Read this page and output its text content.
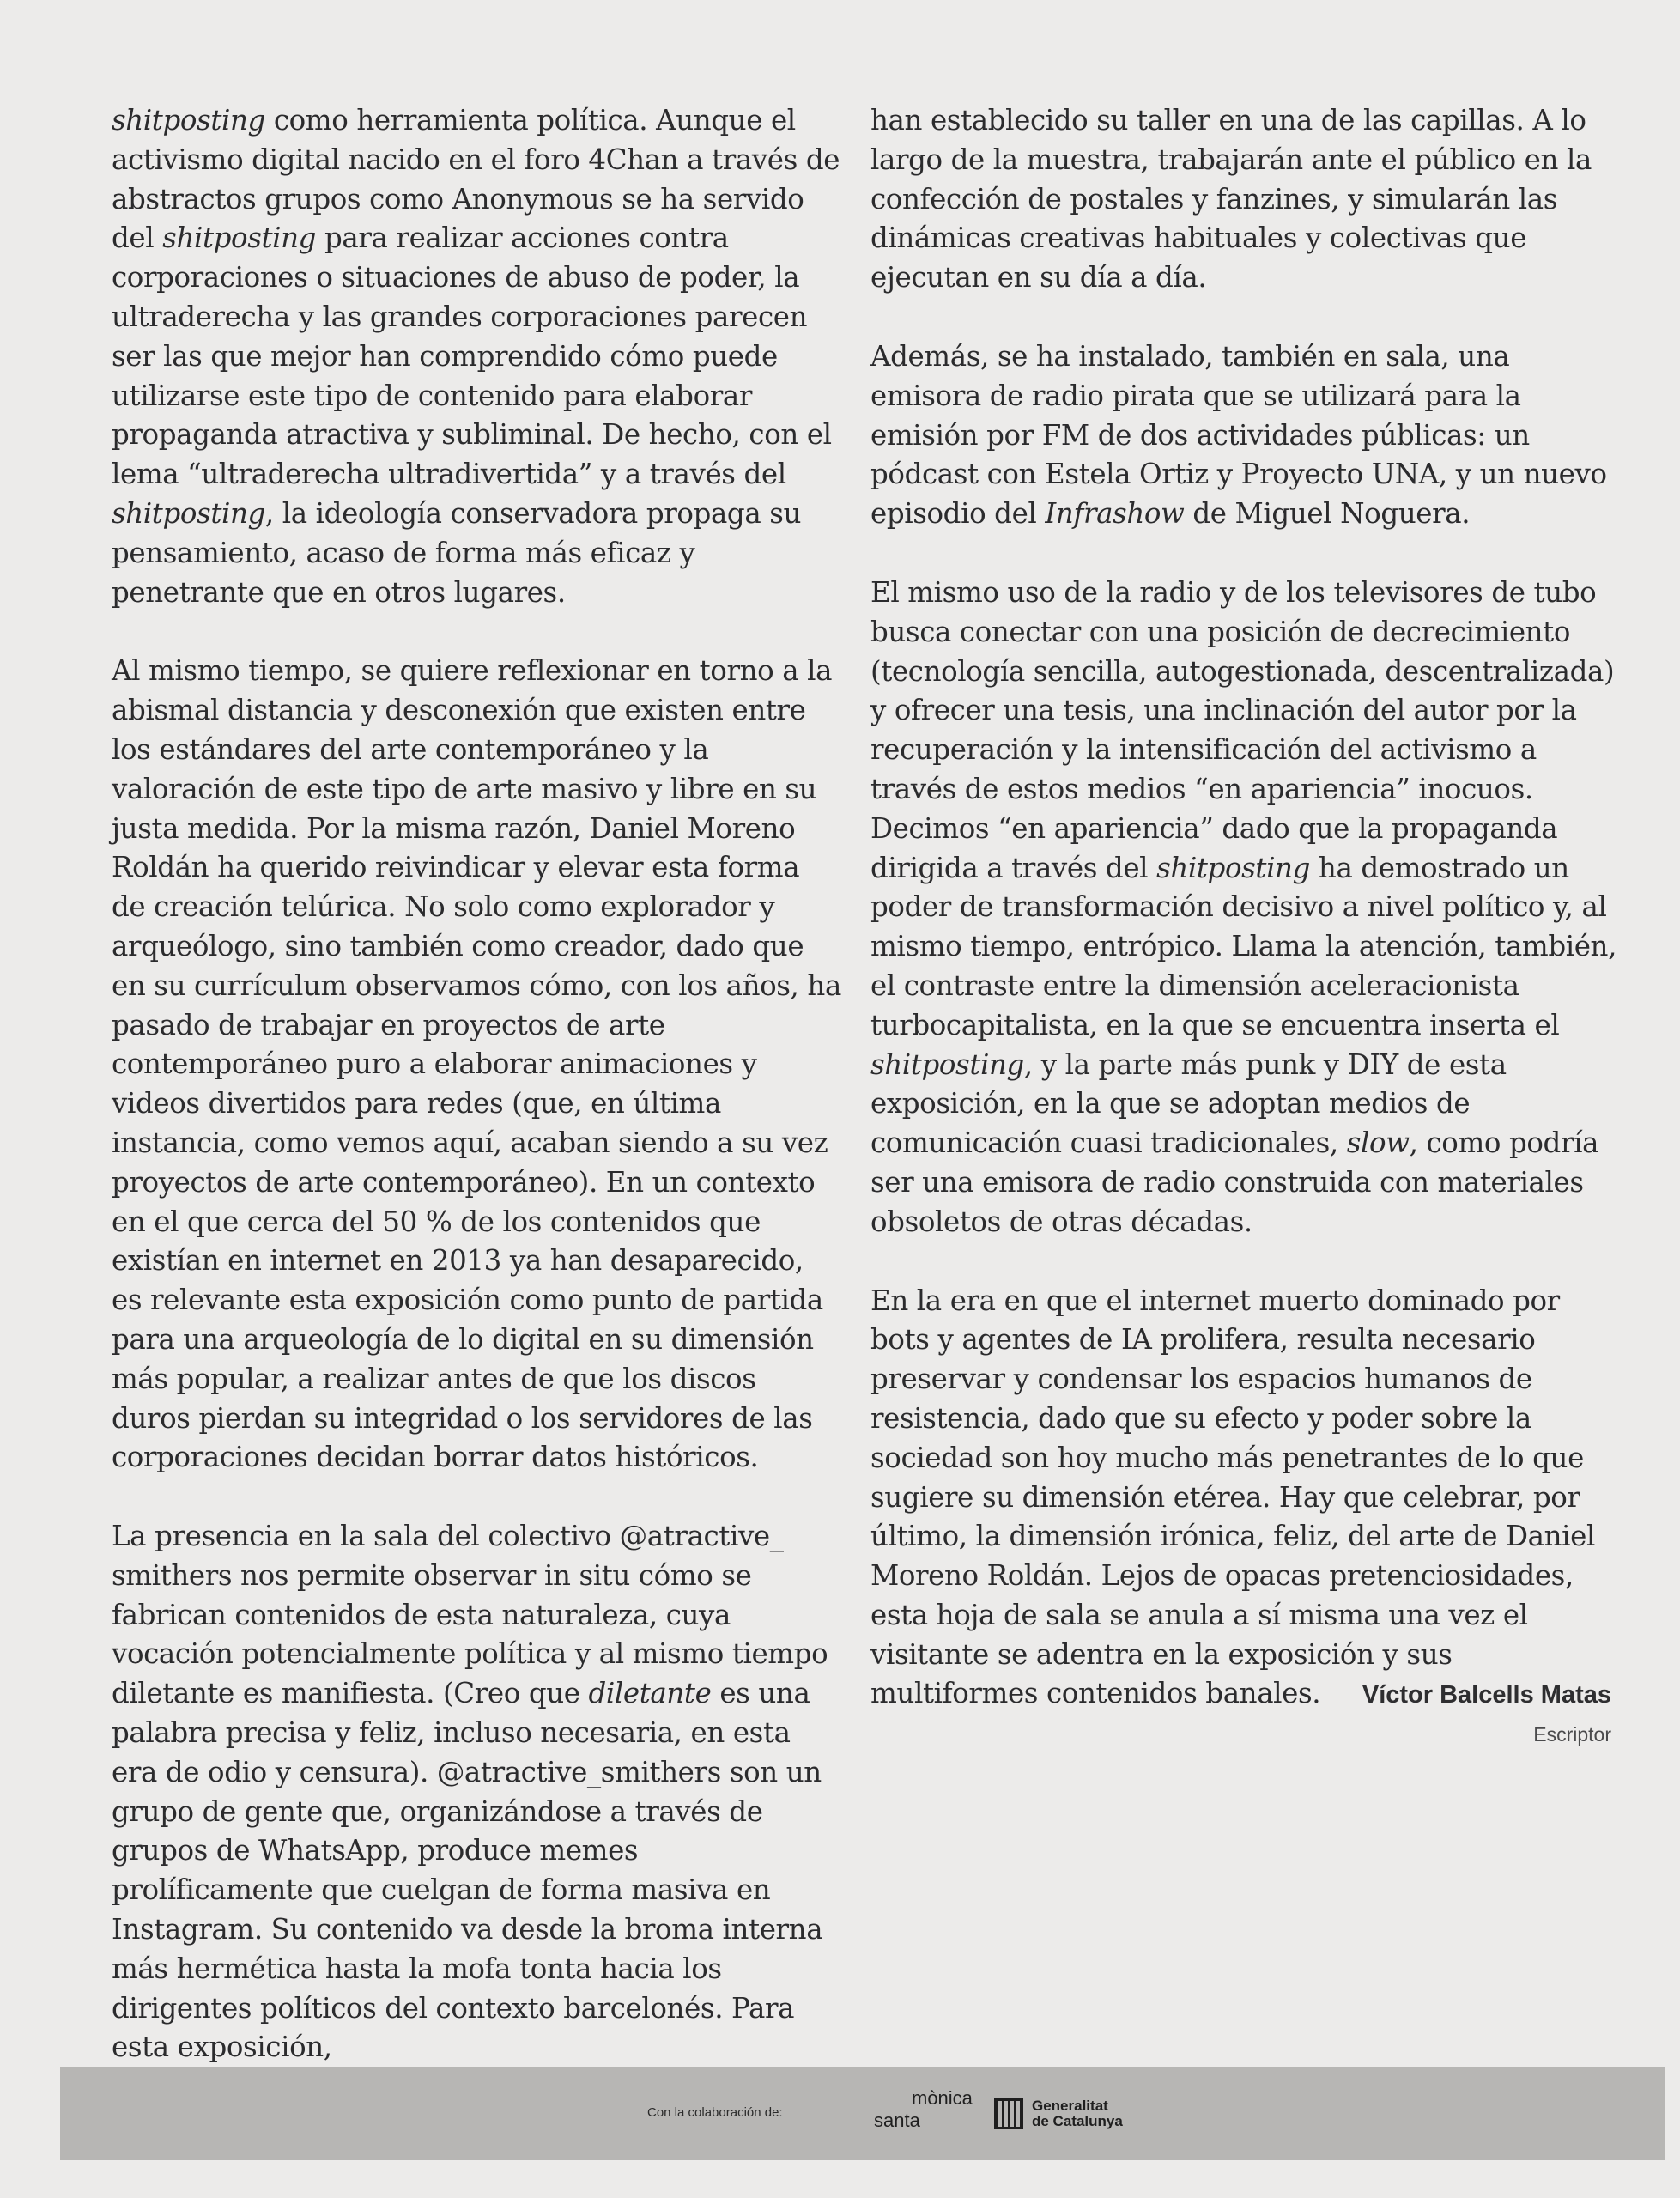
shitposting como herramienta política. Aunque el activismo digital nacido en el foro 4Chan a través de abstractos grupos como Anonymous se ha servido del shitposting para realizar acciones contra corporaciones o situaciones de abuso de poder, la ultraderecha y las grandes corporaciones parecen ser las que mejor han comprendido cómo puede utilizarse este tipo de contenido para elaborar propaganda atractiva y subliminal. De hecho, con el lema “ultraderecha ultradivertida” y a través del shitposting, la ideología conservadora propaga su pensamiento, acaso de forma más eficaz y penetrante que en otros lugares.

Al mismo tiempo, se quiere reflexionar en torno a la abismal distancia y desconexión que existen entre los estándares del arte contemporáneo y la valoración de este tipo de arte masivo y libre en su justa medida. Por la misma razón, Daniel Moreno Roldán ha querido reivindicar y elevar esta forma de creación telúrica. No solo como explorador y arqueólogo, sino también como creador, dado que en su currículum observamos cómo, con los años, ha pasado de trabajar en proyectos de arte contemporáneo puro a elaborar animaciones y videos divertidos para redes (que, en última instancia, como vemos aquí, acaban siendo a su vez proyectos de arte contemporáneo). En un contexto en el que cerca del 50 % de los contenidos que existían en internet en 2013 ya han desaparecido, es relevante esta exposición como punto de partida para una arqueología de lo digital en su dimensión más popular, a realizar antes de que los discos duros pierdan su integridad o los servidores de las corporaciones decidan borrar datos históricos.

La presencia en la sala del colectivo @atractive_ smithers nos permite observar in situ cómo se fabrican contenidos de esta naturaleza, cuya vocación potencialmente política y al mismo tiempo diletante es manifiesta. (Creo que diletante es una palabra precisa y feliz, incluso necesaria, en esta era de odio y censura). @atractive_smithers son un grupo de gente que, organizándose a través de grupos de WhatsApp, produce memes prolíficamente que cuelgan de forma masiva en Instagram. Su contenido va desde la broma interna más hermética hasta la mofa tonta hacia los dirigentes políticos del contexto barcelonés. Para esta exposición,

han establecido su taller en una de las capillas. A lo largo de la muestra, trabajarán ante el público en la confección de postales y fanzines, y simularán las dinámicas creativas habituales y colectivas que ejecutan en su día a día.

Además, se ha instalado, también en sala, una emisora de radio pirata que se utilizará para la emisión por FM de dos actividades públicas: un pódcast con Estela Ortiz y Proyecto UNA, y un nuevo episodio del Infrashow de Miguel Noguera.

El mismo uso de la radio y de los televisores de tubo busca conectar con una posición de decrecimiento (tecnología sencilla, autogestionada, descentralizada) y ofrecer una tesis, una inclinación del autor por la recuperación y la intensificación del activismo a través de estos medios “en apariencia” inocuos. Decimos “en apariencia” dado que la propaganda dirigida a través del shitposting ha demostrado un poder de transformación decisivo a nivel político y, al mismo tiempo, entrópico. Llama la atención, también, el contraste entre la dimensión aceleracionista turbocapitalista, en la que se encuentra inserta el shitposting, y la parte más punk y DIY de esta exposición, en la que se adoptan medios de comunicación cuasi tradicionales, slow, como podría ser una emisora de radio construida con materiales obsoletos de otras décadas.

En la era en que el internet muerto dominado por bots y agentes de IA prolifera, resulta necesario preservar y condensar los espacios humanos de resistencia, dado que su efecto y poder sobre la sociedad son hoy mucho más penetrantes de lo que sugiere su dimensión etérea. Hay que celebrar, por último, la dimensión irónica, feliz, del arte de Daniel Moreno Roldán. Lejos de opacas pretenciosidades, esta hoja de sala se anula a sí misma una vez el visitante se adentra en la exposición y sus multiformes contenidos banales.	Víctor Balcells Matas
Escriptor
Con la colaboración de:	santa
mònica	Generalitat
de Catalunya
